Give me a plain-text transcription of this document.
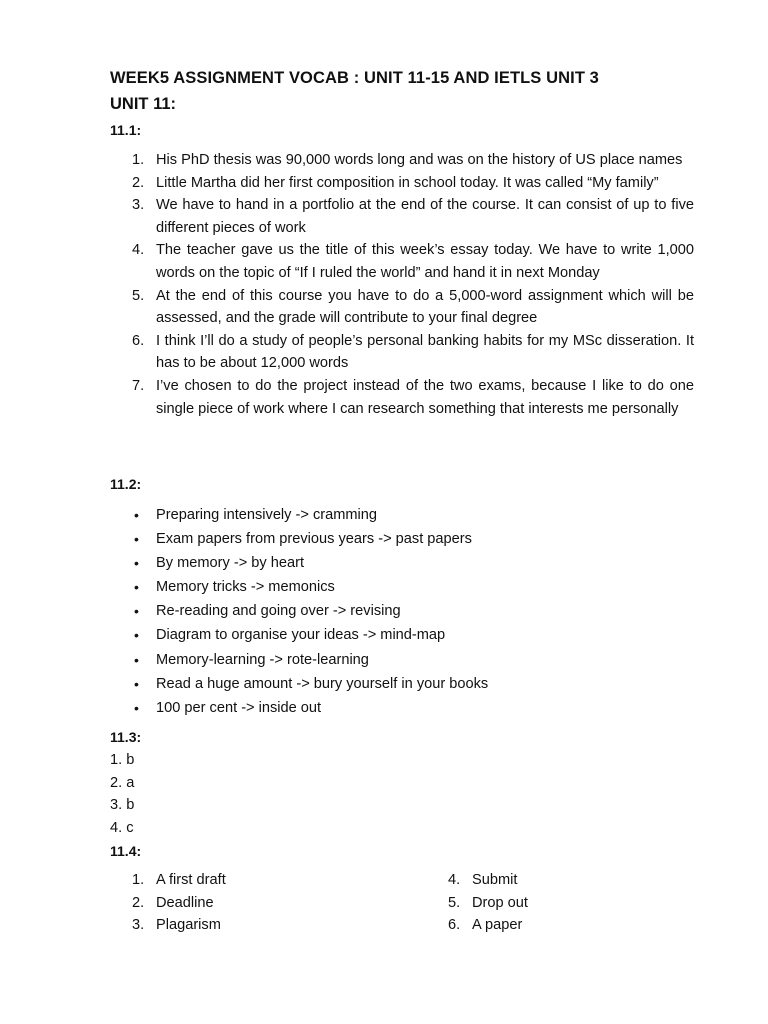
WEEK5 ASSIGNMENT VOCAB : UNIT 11-15 AND IETLS UNIT 3
UNIT 11:
11.1:
1. His PhD thesis was 90,000 words long and was on the history of US place names
2. Little Martha did her first composition in school today. It was called “My family”
3. We have to hand in a portfolio at the end of the course. It can consist of up to five different pieces of work
4. The teacher gave us the title of this week’s essay today. We have to write 1,000 words on the topic of “If I ruled the world” and hand it in next Monday
5. At the end of this course you have to do a 5,000-word assignment which will be assessed, and the grade will contribute to your final degree
6. I think I’ll do a study of people’s personal banking habits for my MSc disseration. It has to be about 12,000 words
7. I’ve chosen to do the project instead of the two exams, because I like to do one single piece of work where I can research something that interests me personally
11.2:
• Preparing intensively -> cramming
• Exam papers from previous years -> past papers
• By memory -> by heart
• Memory tricks -> memonics
• Re-reading and going over -> revising
• Diagram to organise your ideas -> mind-map
• Memory-learning -> rote-learning
• Read a huge amount -> bury yourself in your books
• 100 per cent -> inside out
11.3:
1. b
2. a
3. b
4. c
11.4:
1. A first draft
2. Deadline
3. Plagarism
4. Submit
5. Drop out
6. A paper
